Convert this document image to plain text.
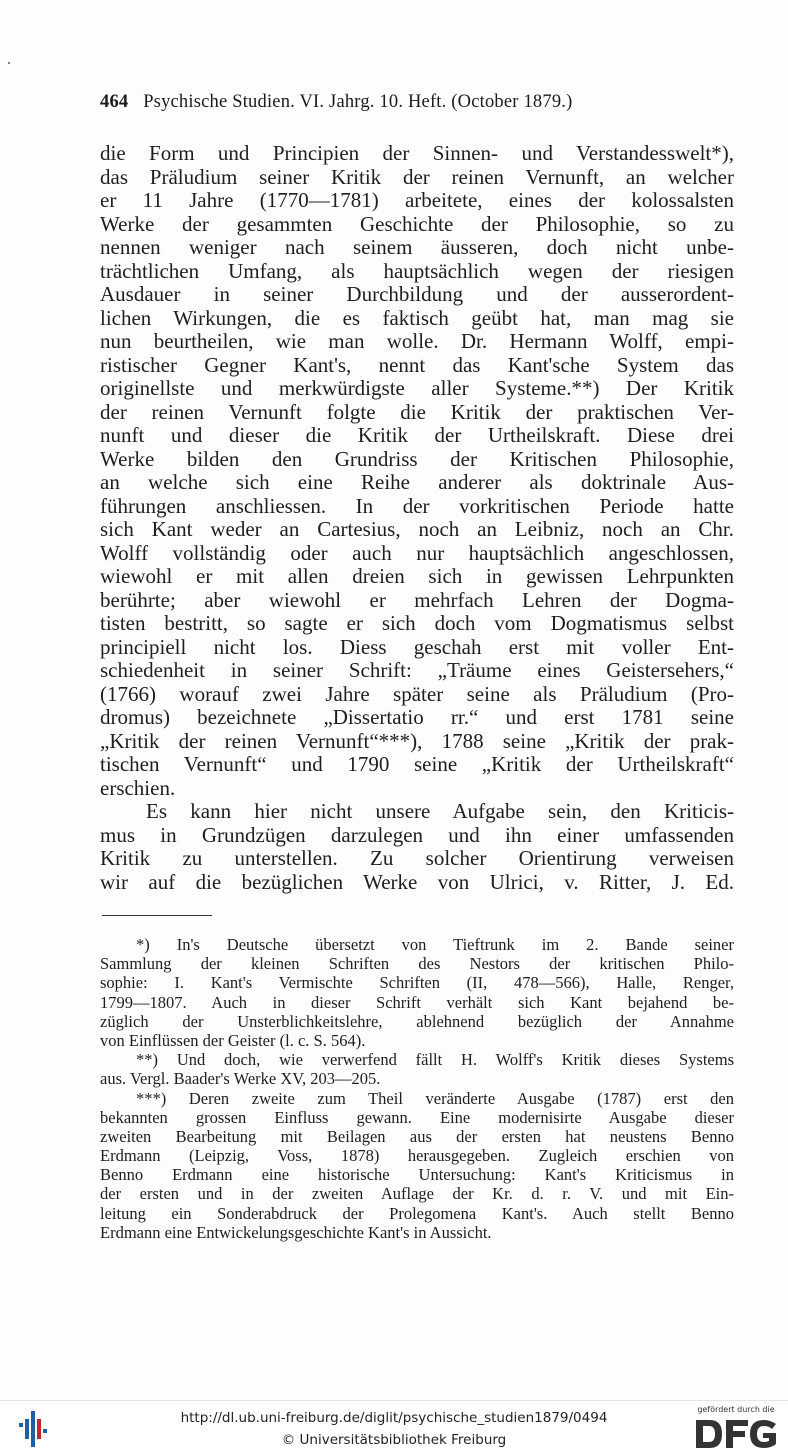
464 Psychische Studien. VI. Jahrg. 10. Heft. (October 1879.)
die Form und Principien der Sinnen- und Verstandesswelt*),
das Präludium seiner Kritik der reinen Vernunft, an welcher
er 11 Jahre (1770—1781) arbeitete, eines der kolossalsten
Werke der gesammten Geschichte der Philosophie, so zu
nennen weniger nach seinem äusseren, doch nicht unbe-
trächtlichen Umfang, als hauptsächlich wegen der riesigen
Ausdauer in seiner Durchbildung und der ausserordent-
lichen Wirkungen, die es faktisch geübt hat, man mag sie
nun beurtheilen, wie man wolle. Dr. Hermann Wolff, empi-
ristischer Gegner Kant's, nennt das Kant'sche System das
originellste und merkwürdigste aller Systeme.**) Der Kritik
der reinen Vernunft folgte die Kritik der praktischen Ver-
nunft und dieser die Kritik der Urtheilskraft. Diese drei
Werke bilden den Grundriss der Kritischen Philosophie,
an welche sich eine Reihe anderer als doktrinale Aus-
führungen anschliessen. In der vorkritischen Periode hatte
sich Kant weder an Cartesius, noch an Leibniz, noch an Chr.
Wolff vollständig oder auch nur hauptsächlich angeschlossen,
wiewohl er mit allen dreien sich in gewissen Lehrpunkten
berührte; aber wiewohl er mehrfach Lehren der Dogma-
tisten bestritt, so sagte er sich doch vom Dogmatismus selbst
principiell nicht los. Diess geschah erst mit voller Ent-
schiedenheit in seiner Schrift: „Träume eines Geistersehers,“
(1766) worauf zwei Jahre später seine als Präludium (Pro-
dromus) bezeichnete „Dissertatio rr.“ und erst 1781 seine
„Kritik der reinen Vernunft“***), 1788 seine „Kritik der prak-
tischen Vernunft“ und 1790 seine „Kritik der Urtheilskraft“
erschien.
Es kann hier nicht unsere Aufgabe sein, den Kriticis-
mus in Grundzügen darzulegen und ihn einer umfassenden
Kritik zu unterstellen. Zu solcher Orientirung verweisen
wir auf die bezüglichen Werke von Ulrici, v. Ritter, J. Ed.
*) In's Deutsche übersetzt von Tieftrunk im 2. Bande seiner
Sammlung der kleinen Schriften des Nestors der kritischen Philo-
sophie: I. Kant's Vermischte Schriften (II, 478—566), Halle, Renger,
1799—1807. Auch in dieser Schrift verhält sich Kant bejahend be-
züglich der Unsterblichkeitslehre, ablehnend bezüglich der Annahme
von Einflüssen der Geister (l. c. S. 564).
**) Und doch, wie verwerfend fällt H. Wolff's Kritik dieses Systems
aus. Vergl. Baader's Werke XV, 203—205.
***) Deren zweite zum Theil veränderte Ausgabe (1787) erst den
bekannten grossen Einfluss gewann. Eine modernisirte Ausgabe dieser
zweiten Bearbeitung mit Beilagen aus der ersten hat neustens Benno
Erdmann (Leipzig, Voss, 1878) herausgegeben. Zugleich erschien von
Benno Erdmann eine historische Untersuchung: Kant's Kriticismus in
der ersten und in der zweiten Auflage der Kr. d. r. V. und mit Ein-
leitung ein Sonderabdruck der Prolegomena Kant's. Auch stellt Benno
Erdmann eine Entwickelungsgeschichte Kant's in Aussicht.
http://dl.ub.uni-freiburg.de/diglit/psychische_studien1879/0494
© Universitätsbibliothek Freiburg
gefördert durch die
